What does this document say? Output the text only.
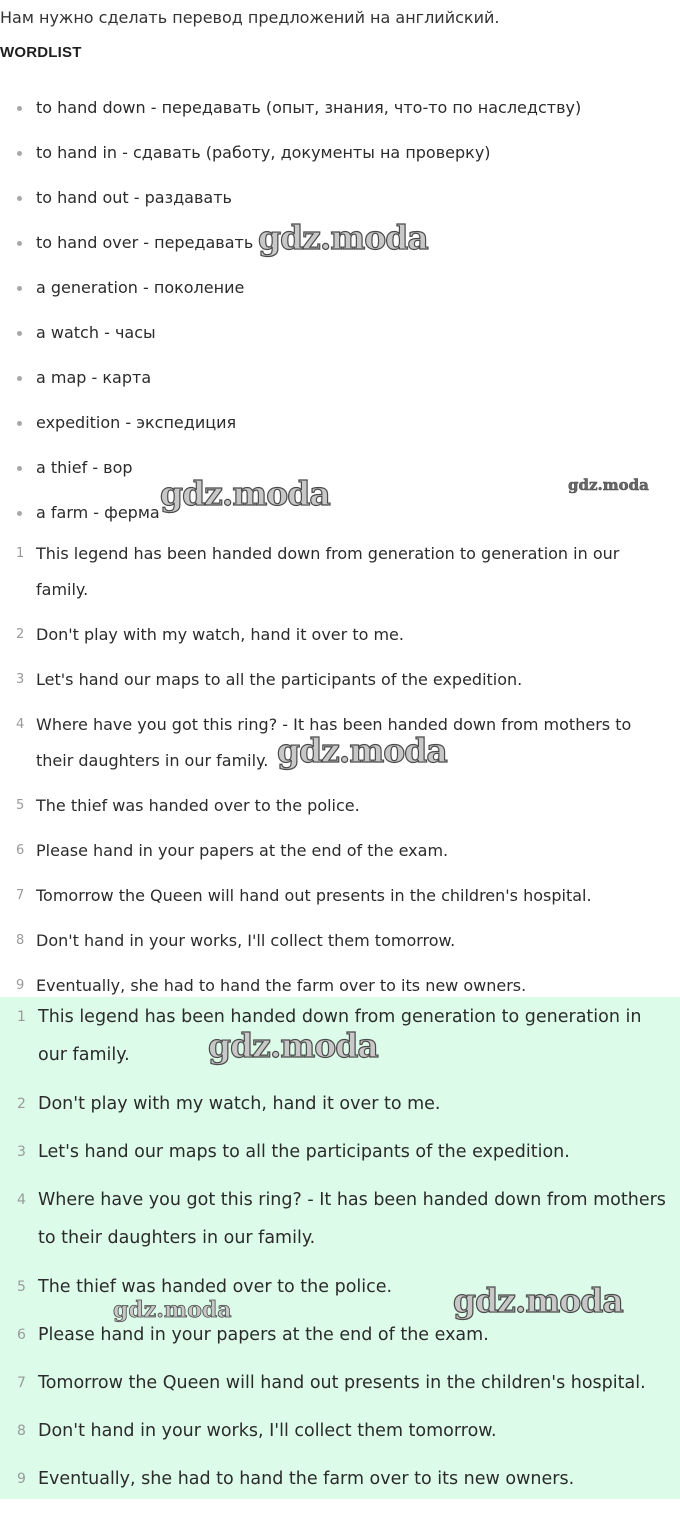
Нам нужно сделать перевод предложений на английский.
WORDLIST
to hand down - передавать (опыт, знания, что-то по наследству)
to hand in - сдавать (работу, документы на проверку)
to hand out - раздавать
to hand over - передавать
a generation - поколение
a watch - часы
a map - карта
expedition - экспедиция
a thief - вор
a farm - ферма
1 This legend has been handed down from generation to generation in our family.
2 Don't play with my watch, hand it over to me.
3 Let's hand our maps to all the participants of the expedition.
4 Where have you got this ring? - It has been handed down from mothers to their daughters in our family.
5 The thief was handed over to the police.
6 Please hand in your papers at the end of the exam.
7 Tomorrow the Queen will hand out presents in the children's hospital.
8 Don't hand in your works, I'll collect them tomorrow.
9 Eventually, she had to hand the farm over to its new owners.
1 This legend has been handed down from generation to generation in our family.
2 Don't play with my watch, hand it over to me.
3 Let's hand our maps to all the participants of the expedition.
4 Where have you got this ring? - It has been handed down from mothers to their daughters in our family.
5 The thief was handed over to the police.
6 Please hand in your papers at the end of the exam.
7 Tomorrow the Queen will hand out presents in the children's hospital.
8 Don't hand in your works, I'll collect them tomorrow.
9 Eventually, she had to hand the farm over to its new owners.
gdz.moda
gdz.moda	gdz.moda
gdz.moda
gdz.moda
gdz.moda	gdz.moda
